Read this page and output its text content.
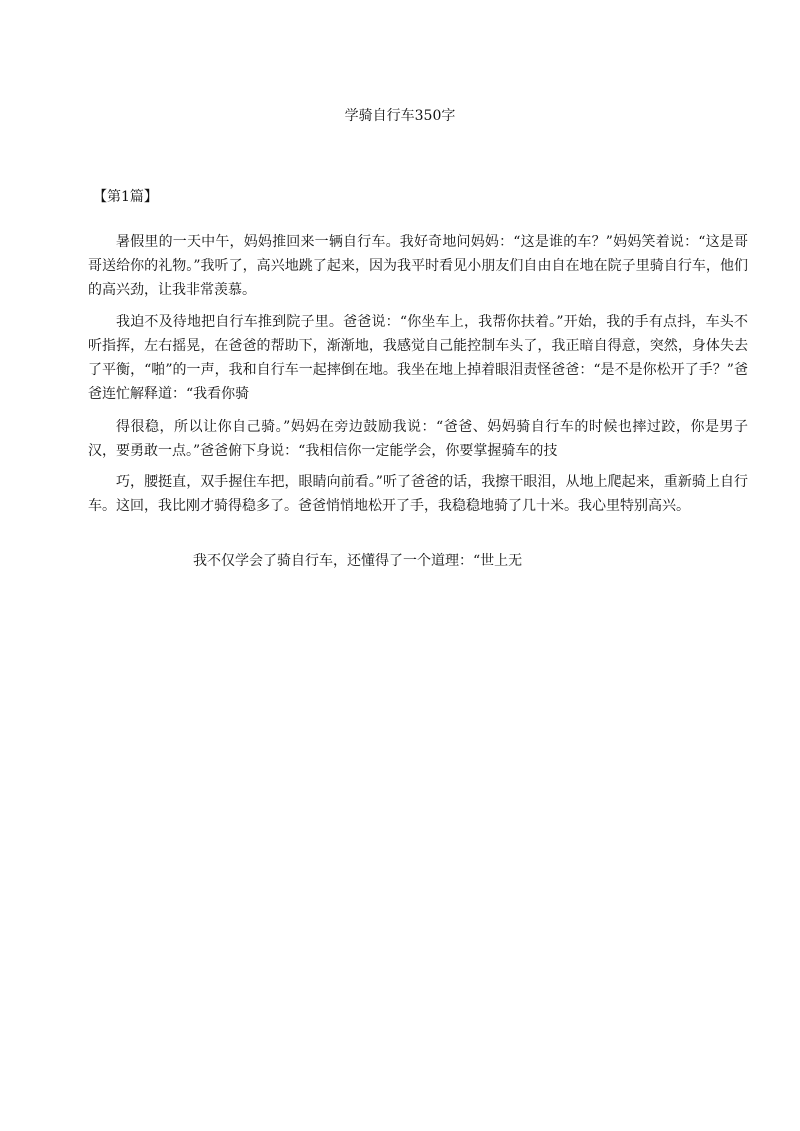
学骑自行车350字
【第1篇】
暑假里的一天中午，妈妈推回来一辆自行车。我好奇地问妈妈：“这是谁的车？”妈妈笑着说：“这是哥哥送给你的礼物。”我听了，高兴地跳了起来，因为我平时看见小朋友们自由自在地在院子里骑自行车，他们的高兴劲，让我非常羡慕。
我迫不及待地把自行车推到院子里。爸爸说：“你坐车上，我帮你扶着。”开始，我的手有点抖，车头不听指挥，左右摇晃，在爸爸的帮助下，渐渐地，我感觉自己能控制车头了，我正暗自得意，突然，身体失去了平衡，“啪”的一声，我和自行车一起摔倒在地。我坐在地上掉着眼泪责怪爸爸：“是不是你松开了手？”爸爸连忙解释道：“我看你骑
得很稳，所以让你自己骑。”妈妈在旁边鼓励我说：“爸爸、妈妈骑自行车的时候也摔过跤，你是男子汉，要勇敢一点。”爸爸俯下身说：“我相信你一定能学会，你要掌握骑车的技
巧，腰挺直，双手握住车把，眼睛向前看。”听了爸爸的话，我擦干眼泪，从地上爬起来，重新骑上自行车。这回，我比刚才骑得稳多了。爸爸悄悄地松开了手，我稳稳地骑了几十米。我心里特别高兴。
我不仅学会了骑自行车，还懂得了一个道理：“世上无
